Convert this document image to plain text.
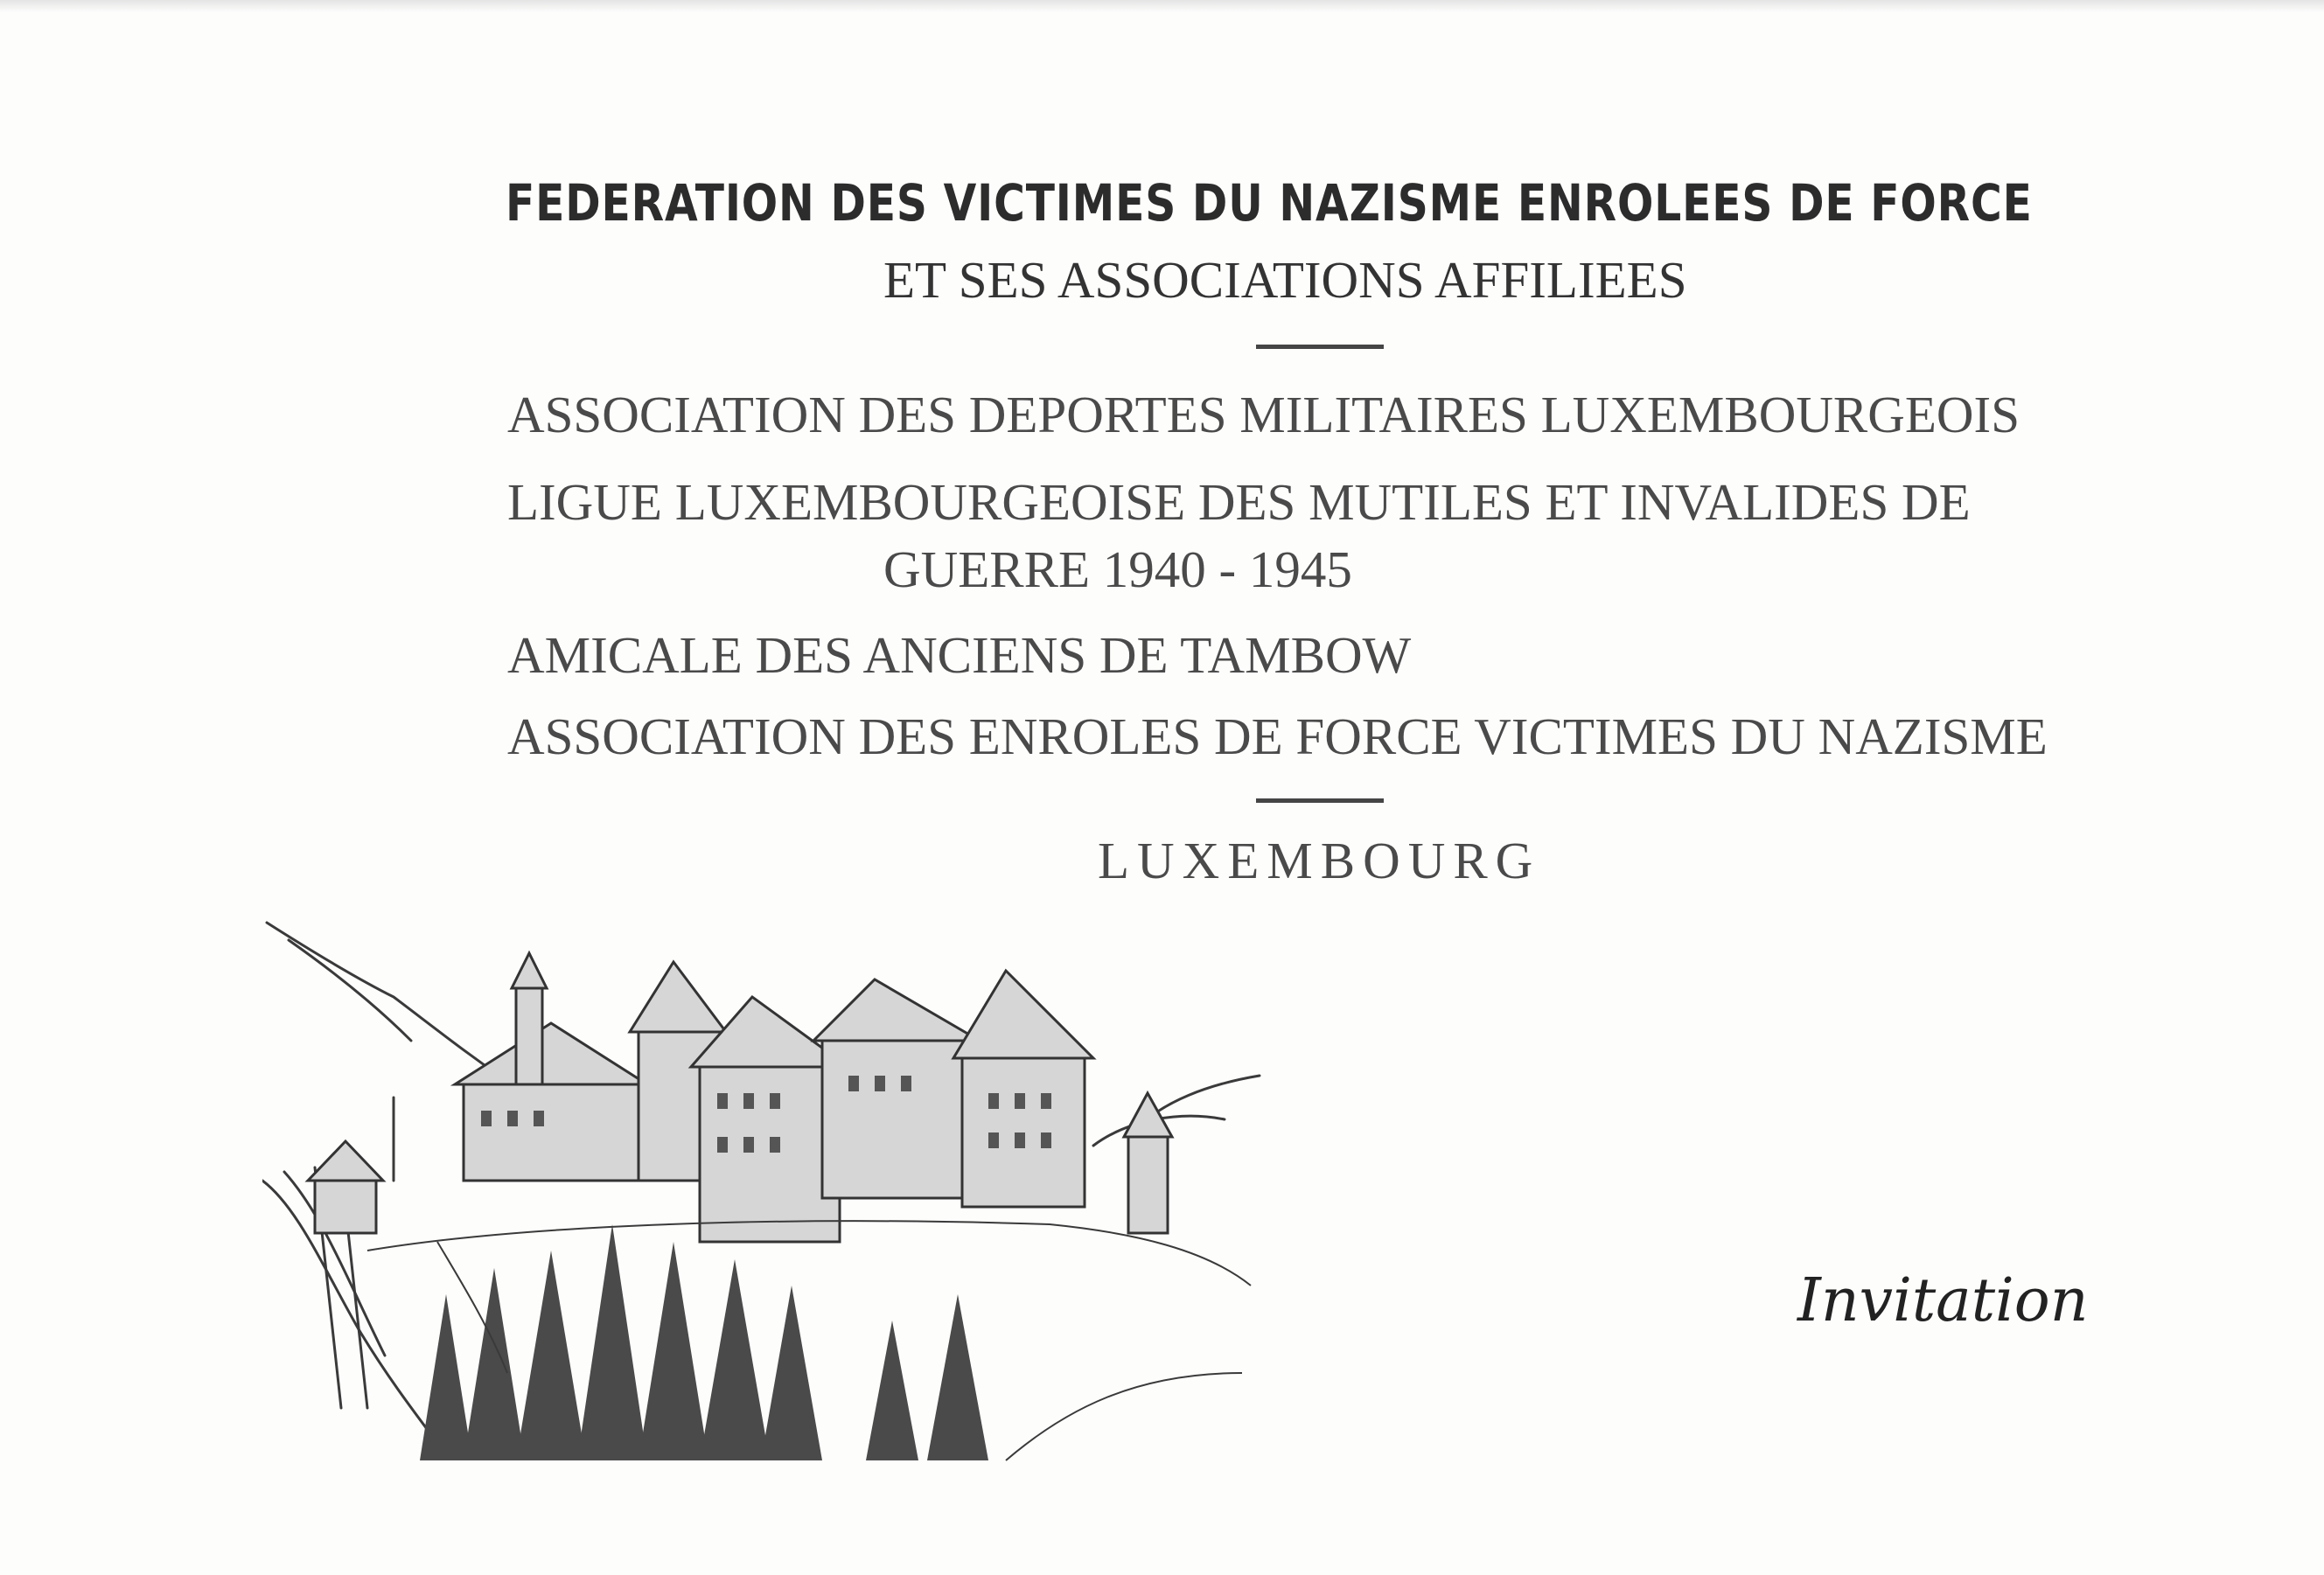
FEDERATION DES VICTIMES DU NAZISME ENROLEES DE FORCE

ET SES ASSOCIATIONS AFFILIEES

ASSOCIATION DES DEPORTES MILITAIRES LUXEMBOURGEOIS

LIGUE LUXEMBOURGEOISE DES MUTILES ET INVALIDES DE

GUERRE 1940 - 1945

AMICALE DES ANCIENS DE TAMBOW

ASSOCIATION DES ENROLES DE FORCE VICTIMES DU NAZISME

LUXEMBOURG

Invitation
